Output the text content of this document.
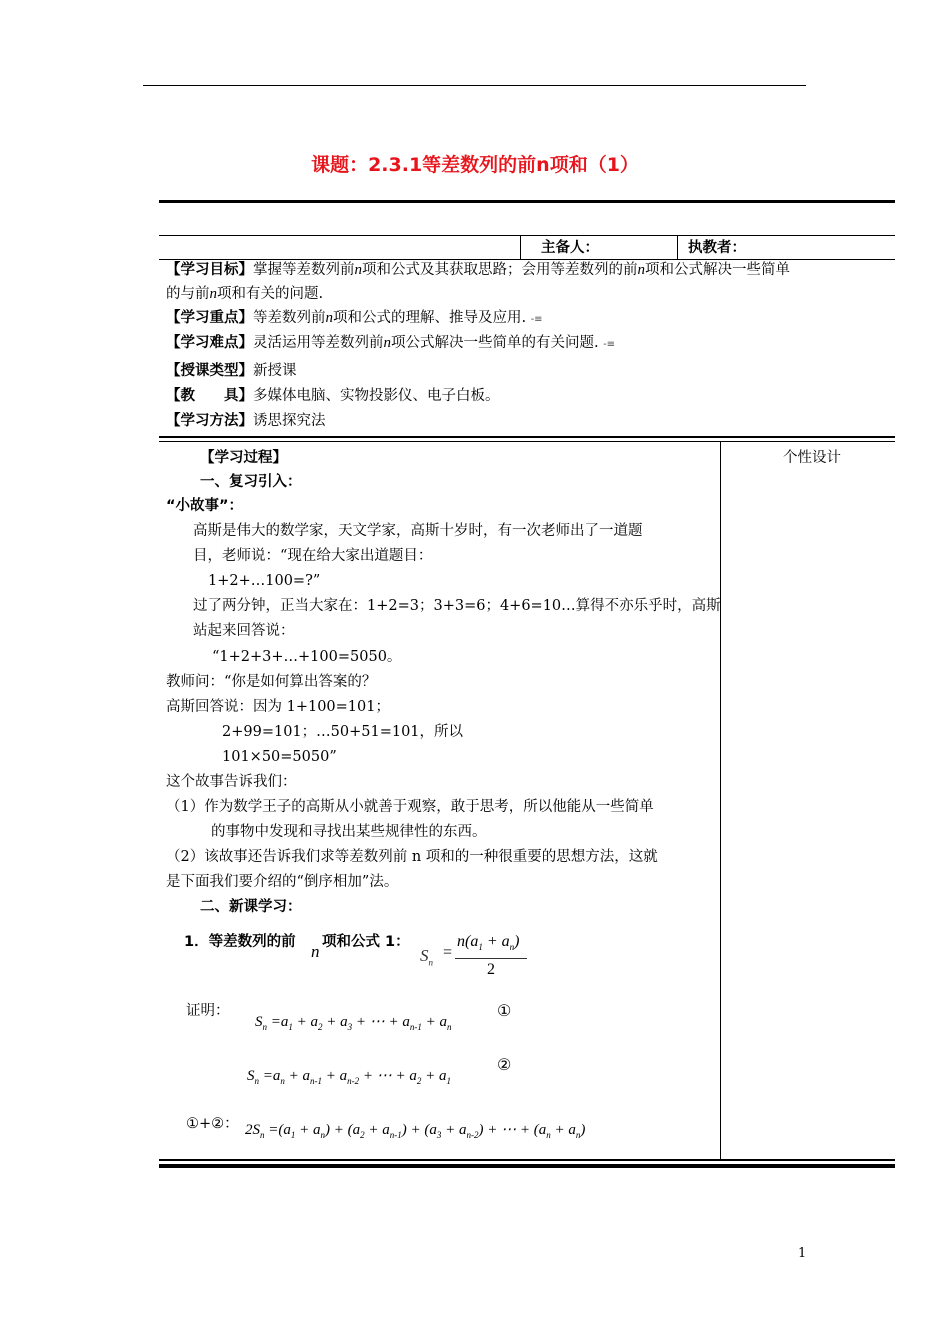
课题：2.3.1等差数列的前n项和（1）
主备人：	执教者：
【学习目标】掌握等差数列前n项和公式及其获取思路；会用等差数列的前n项和公式解决一些简单
的与前n项和有关的问题.
【学习重点】等差数列前n项和公式的理解、推导及应用. -≡
【学习难点】灵活运用等差数列前n项公式解决一些简单的有关问题. -≡
【授课类型】新授课
【教　　具】多媒体电脑、实物投影仪、电子白板。
【学习方法】诱思探究法
个性设计
【学习过程】
一、复习引入：
“小故事”：
高斯是伟大的数学家，天文学家，高斯十岁时，有一次老师出了一道题
目，老师说：“现在给大家出道题目：
1+2+…100=?”
过了两分钟，正当大家在：1+2=3；3+3=6；4+6=10…算得不亦乐乎时，高斯
站起来回答说：
“1+2+3+…+100=5050。
教师问：“你是如何算出答案的？
高斯回答说：因为 1+100=101；
2+99=101；…50+51=101，所以
101×50=5050”
这个故事告诉我们：
（1）作为数学王子的高斯从小就善于观察，敢于思考，所以他能从一些简单
的事物中发现和寻找出某些规律性的东西。
（2）该故事还告诉我们求等差数列前 n 项和的一种很重要的思想方法，这就
是下面我们要介绍的“倒序相加”法。
二、新课学习：
1．等差数列的前 n 项和公式 1：
$S_n$
=
$n(a_1 + a_n)$
2
证明：
$S_n =a_1 + a_2 + a_3$ + ⋯ + $a_{n-1} + a_n$
①
$S_n =a_n + a_{n-1} + a_{n-2}$ + ⋯ + $a_2 + a_1$
②
①+②： $2S_n =(a_1 + a_n) + (a_2 + a_{n-1}) + (a_3 + a_{n-2})$ + ⋯ + $(a_n + a_n)$
1
